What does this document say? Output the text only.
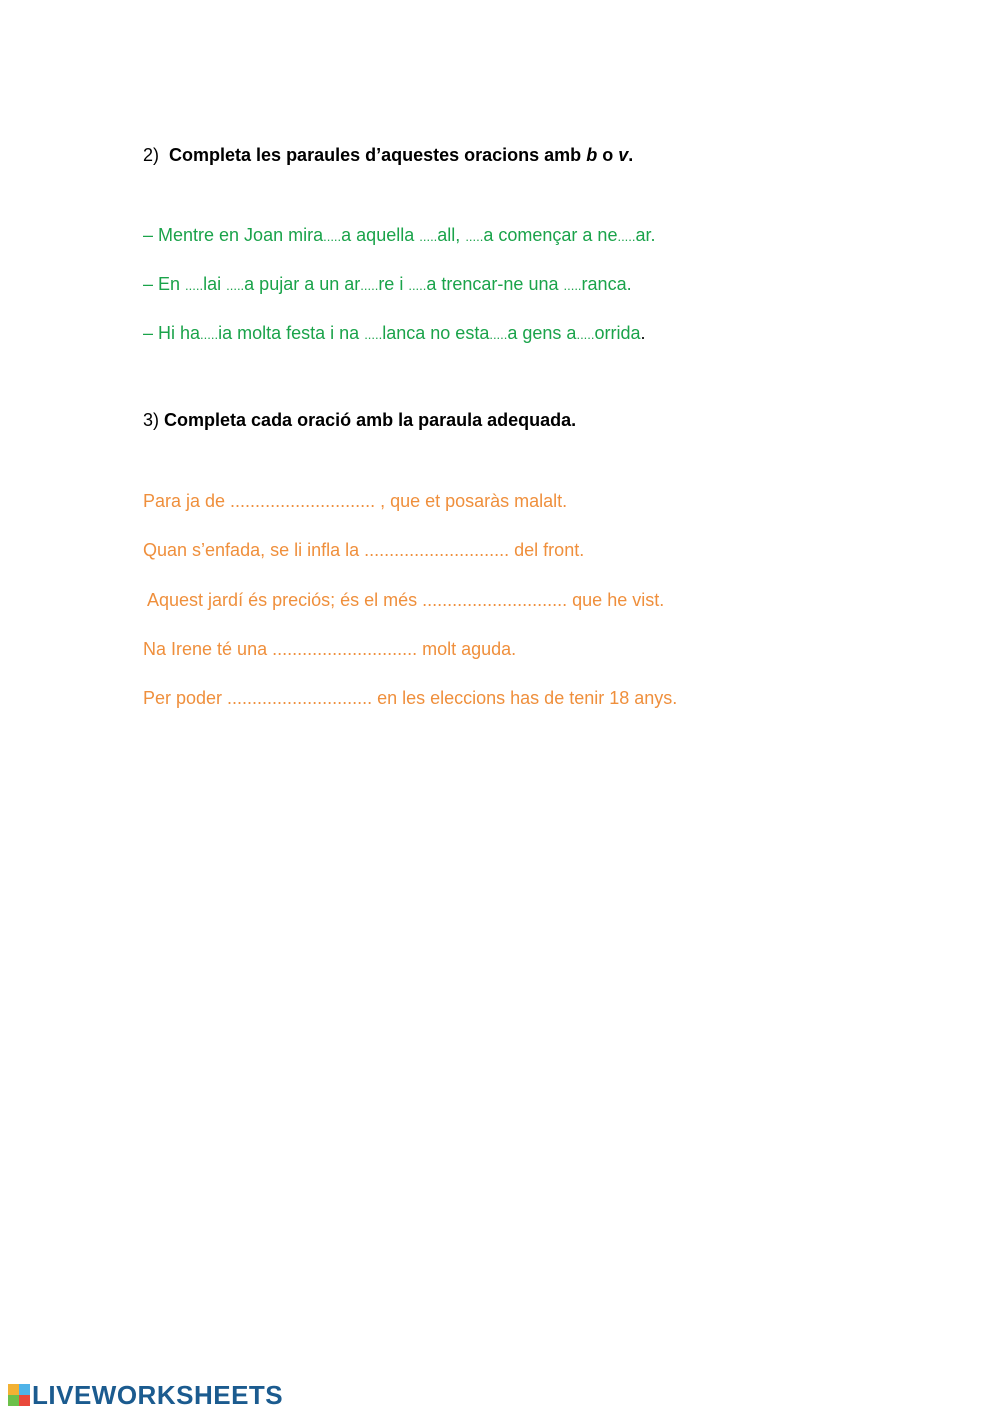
2) Completa les paraules d’aquestes oracions amb b o v.
– Mentre en Joan mira.....a aquella .....all, .....a començar a ne.....ar.
– En .....lai .....a pujar a un ar.....re i .....a trencar-ne una .....ranca.
– Hi ha.....ia molta festa i na .....lanca no esta.....a gens a.....orrida.
3) Completa cada oració amb la paraula adequada.
Para ja de ............................. , que et posaràs malalt.
Quan s’enfada, se li infla la ............................. del front.
Aquest jardí és preciós; és el més ............................. que he vist.
Na Irene té una ............................. molt aguda.
Per poder ............................. en les eleccions has de tenir 18 anys.
LIVEWORKSHEETS
